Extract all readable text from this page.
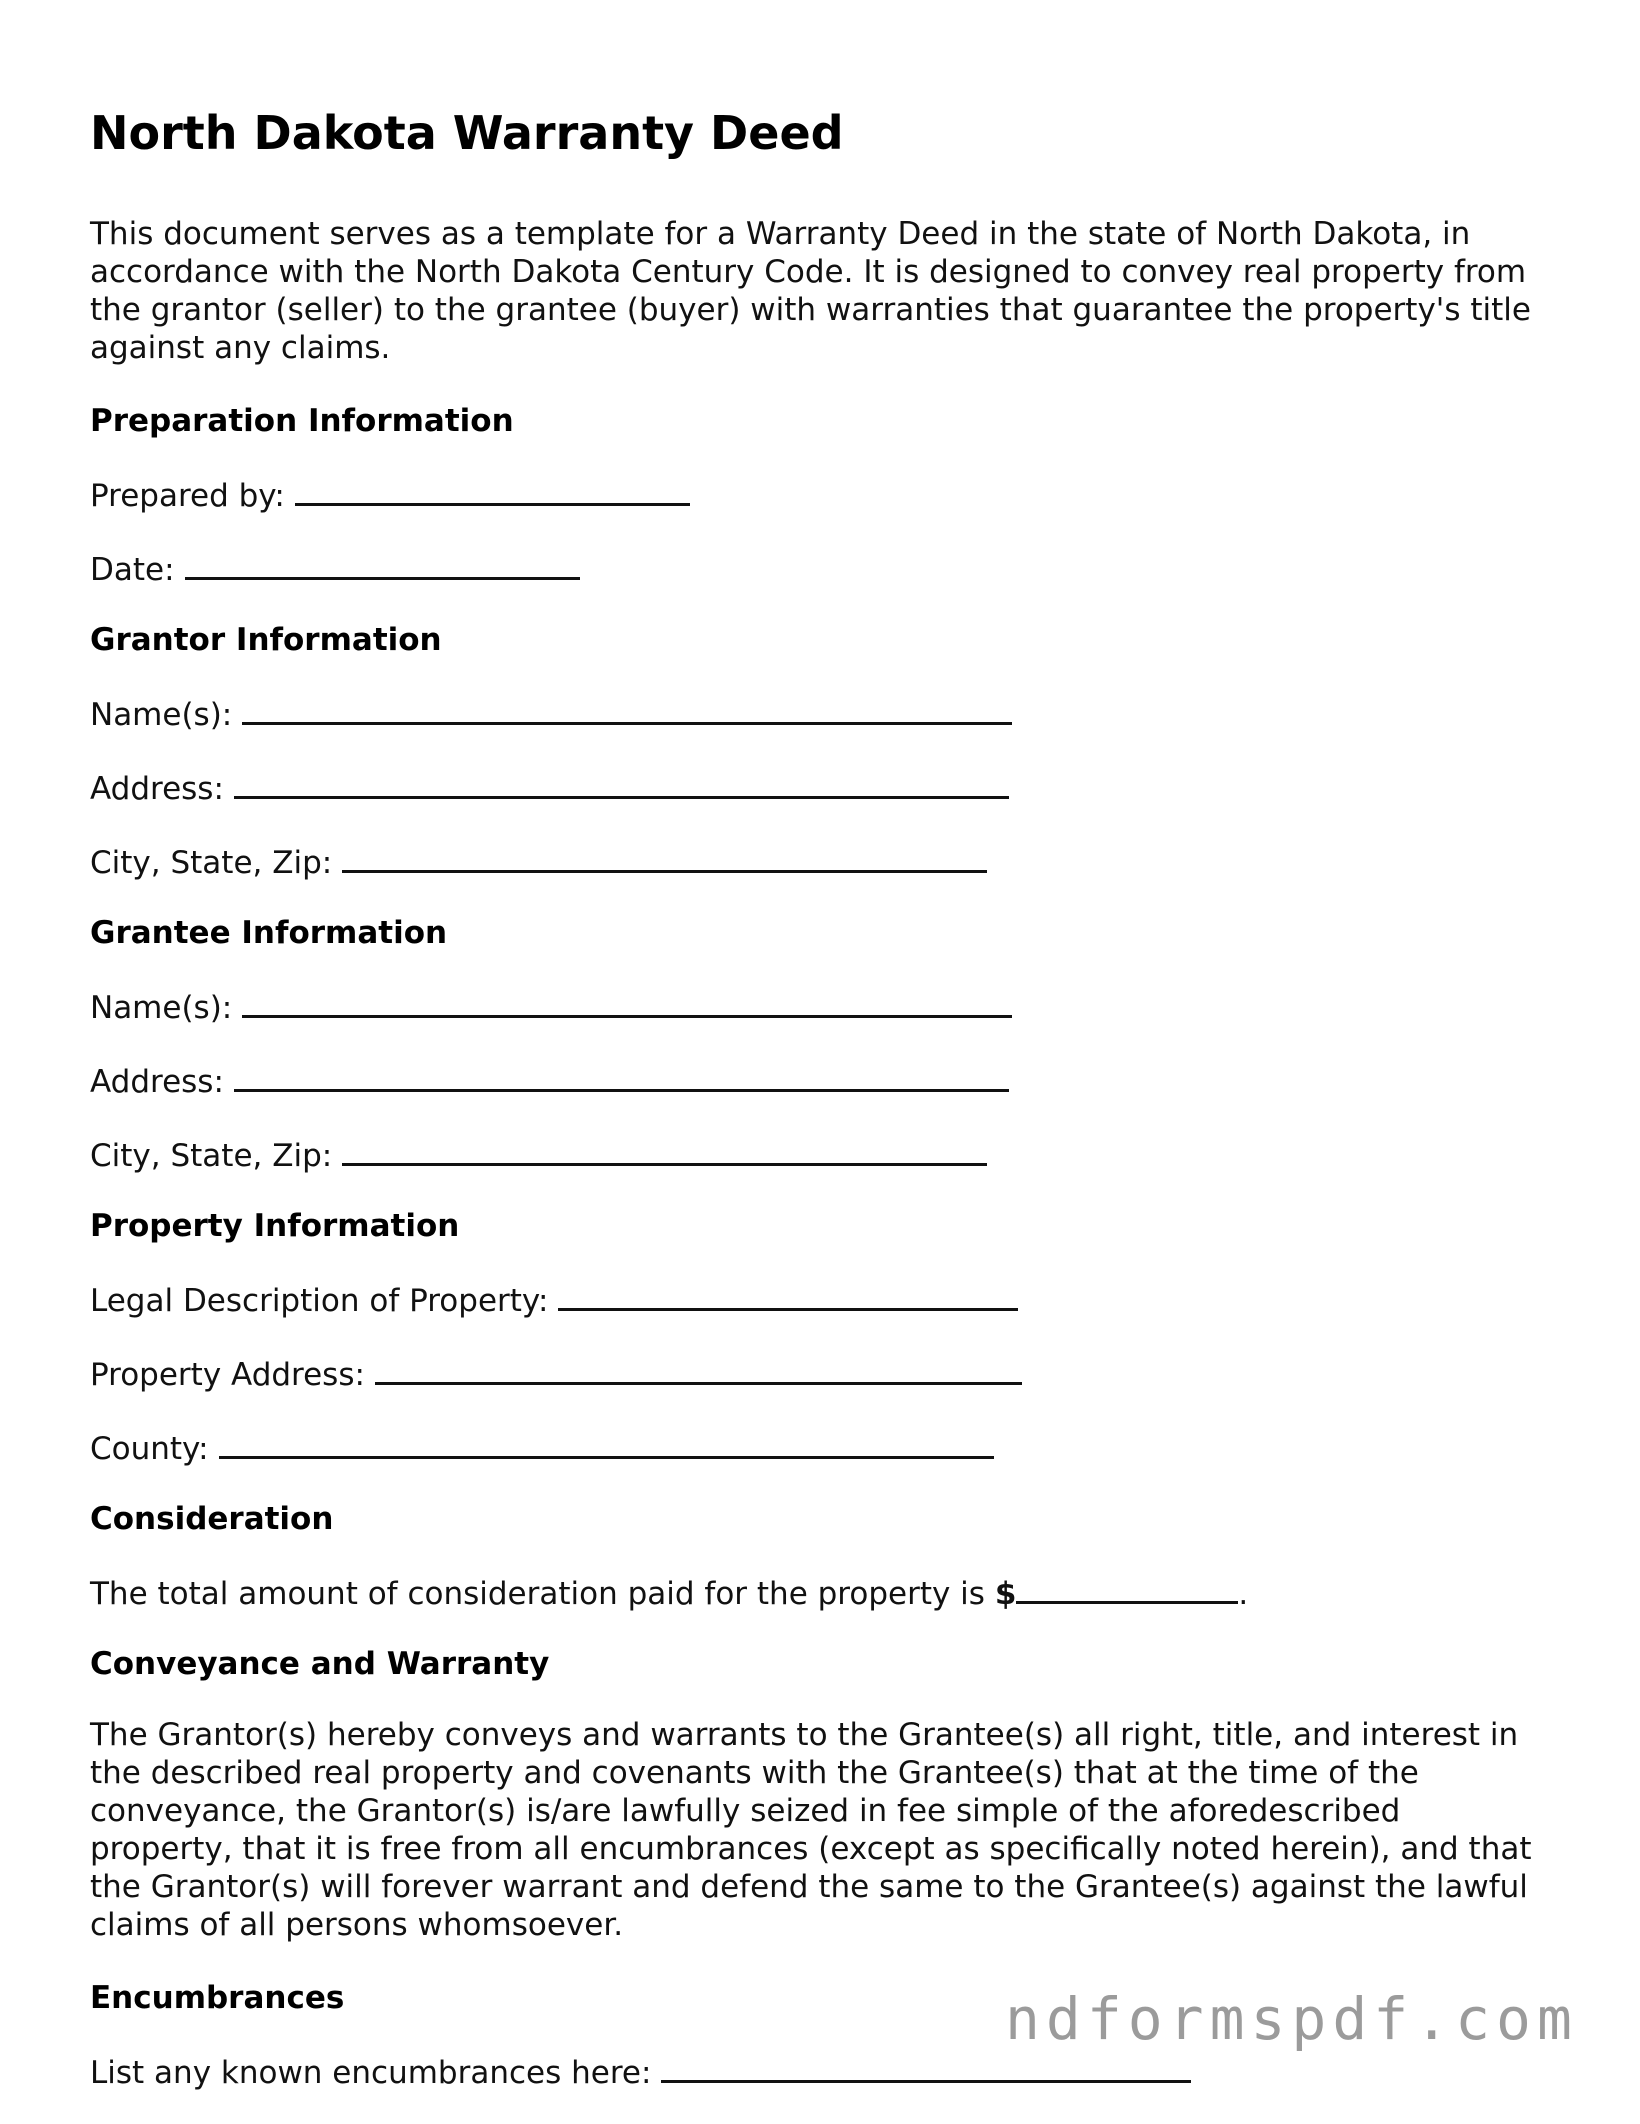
North Dakota Warranty Deed

This document serves as a template for a Warranty Deed in the state of North Dakota, in accordance with the North Dakota Century Code. It is designed to convey real property from the grantor (seller) to the grantee (buyer) with warranties that guarantee the property's title against any claims.

Preparation Information
Prepared by:
Date:
Grantor Information
Name(s):
Address:
City, State, Zip:
Grantee Information
Name(s):
Address:
City, State, Zip:
Property Information
Legal Description of Property:
Property Address:
County:
Consideration
The total amount of consideration paid for the property is $	.
Conveyance and Warranty

The Grantor(s) hereby conveys and warrants to the Grantee(s) all right, title, and interest in the described real property and covenants with the Grantee(s) that at the time of the conveyance, the Grantor(s) is/are lawfully seized in fee simple of the aforedescribed property, that it is free from all encumbrances (except as specifically noted herein), and that the Grantor(s) will forever warrant and defend the same to the Grantee(s) against the lawful claims of all persons whomsoever.

Encumbrances
List any known encumbrances here:
ndformspdf.com
